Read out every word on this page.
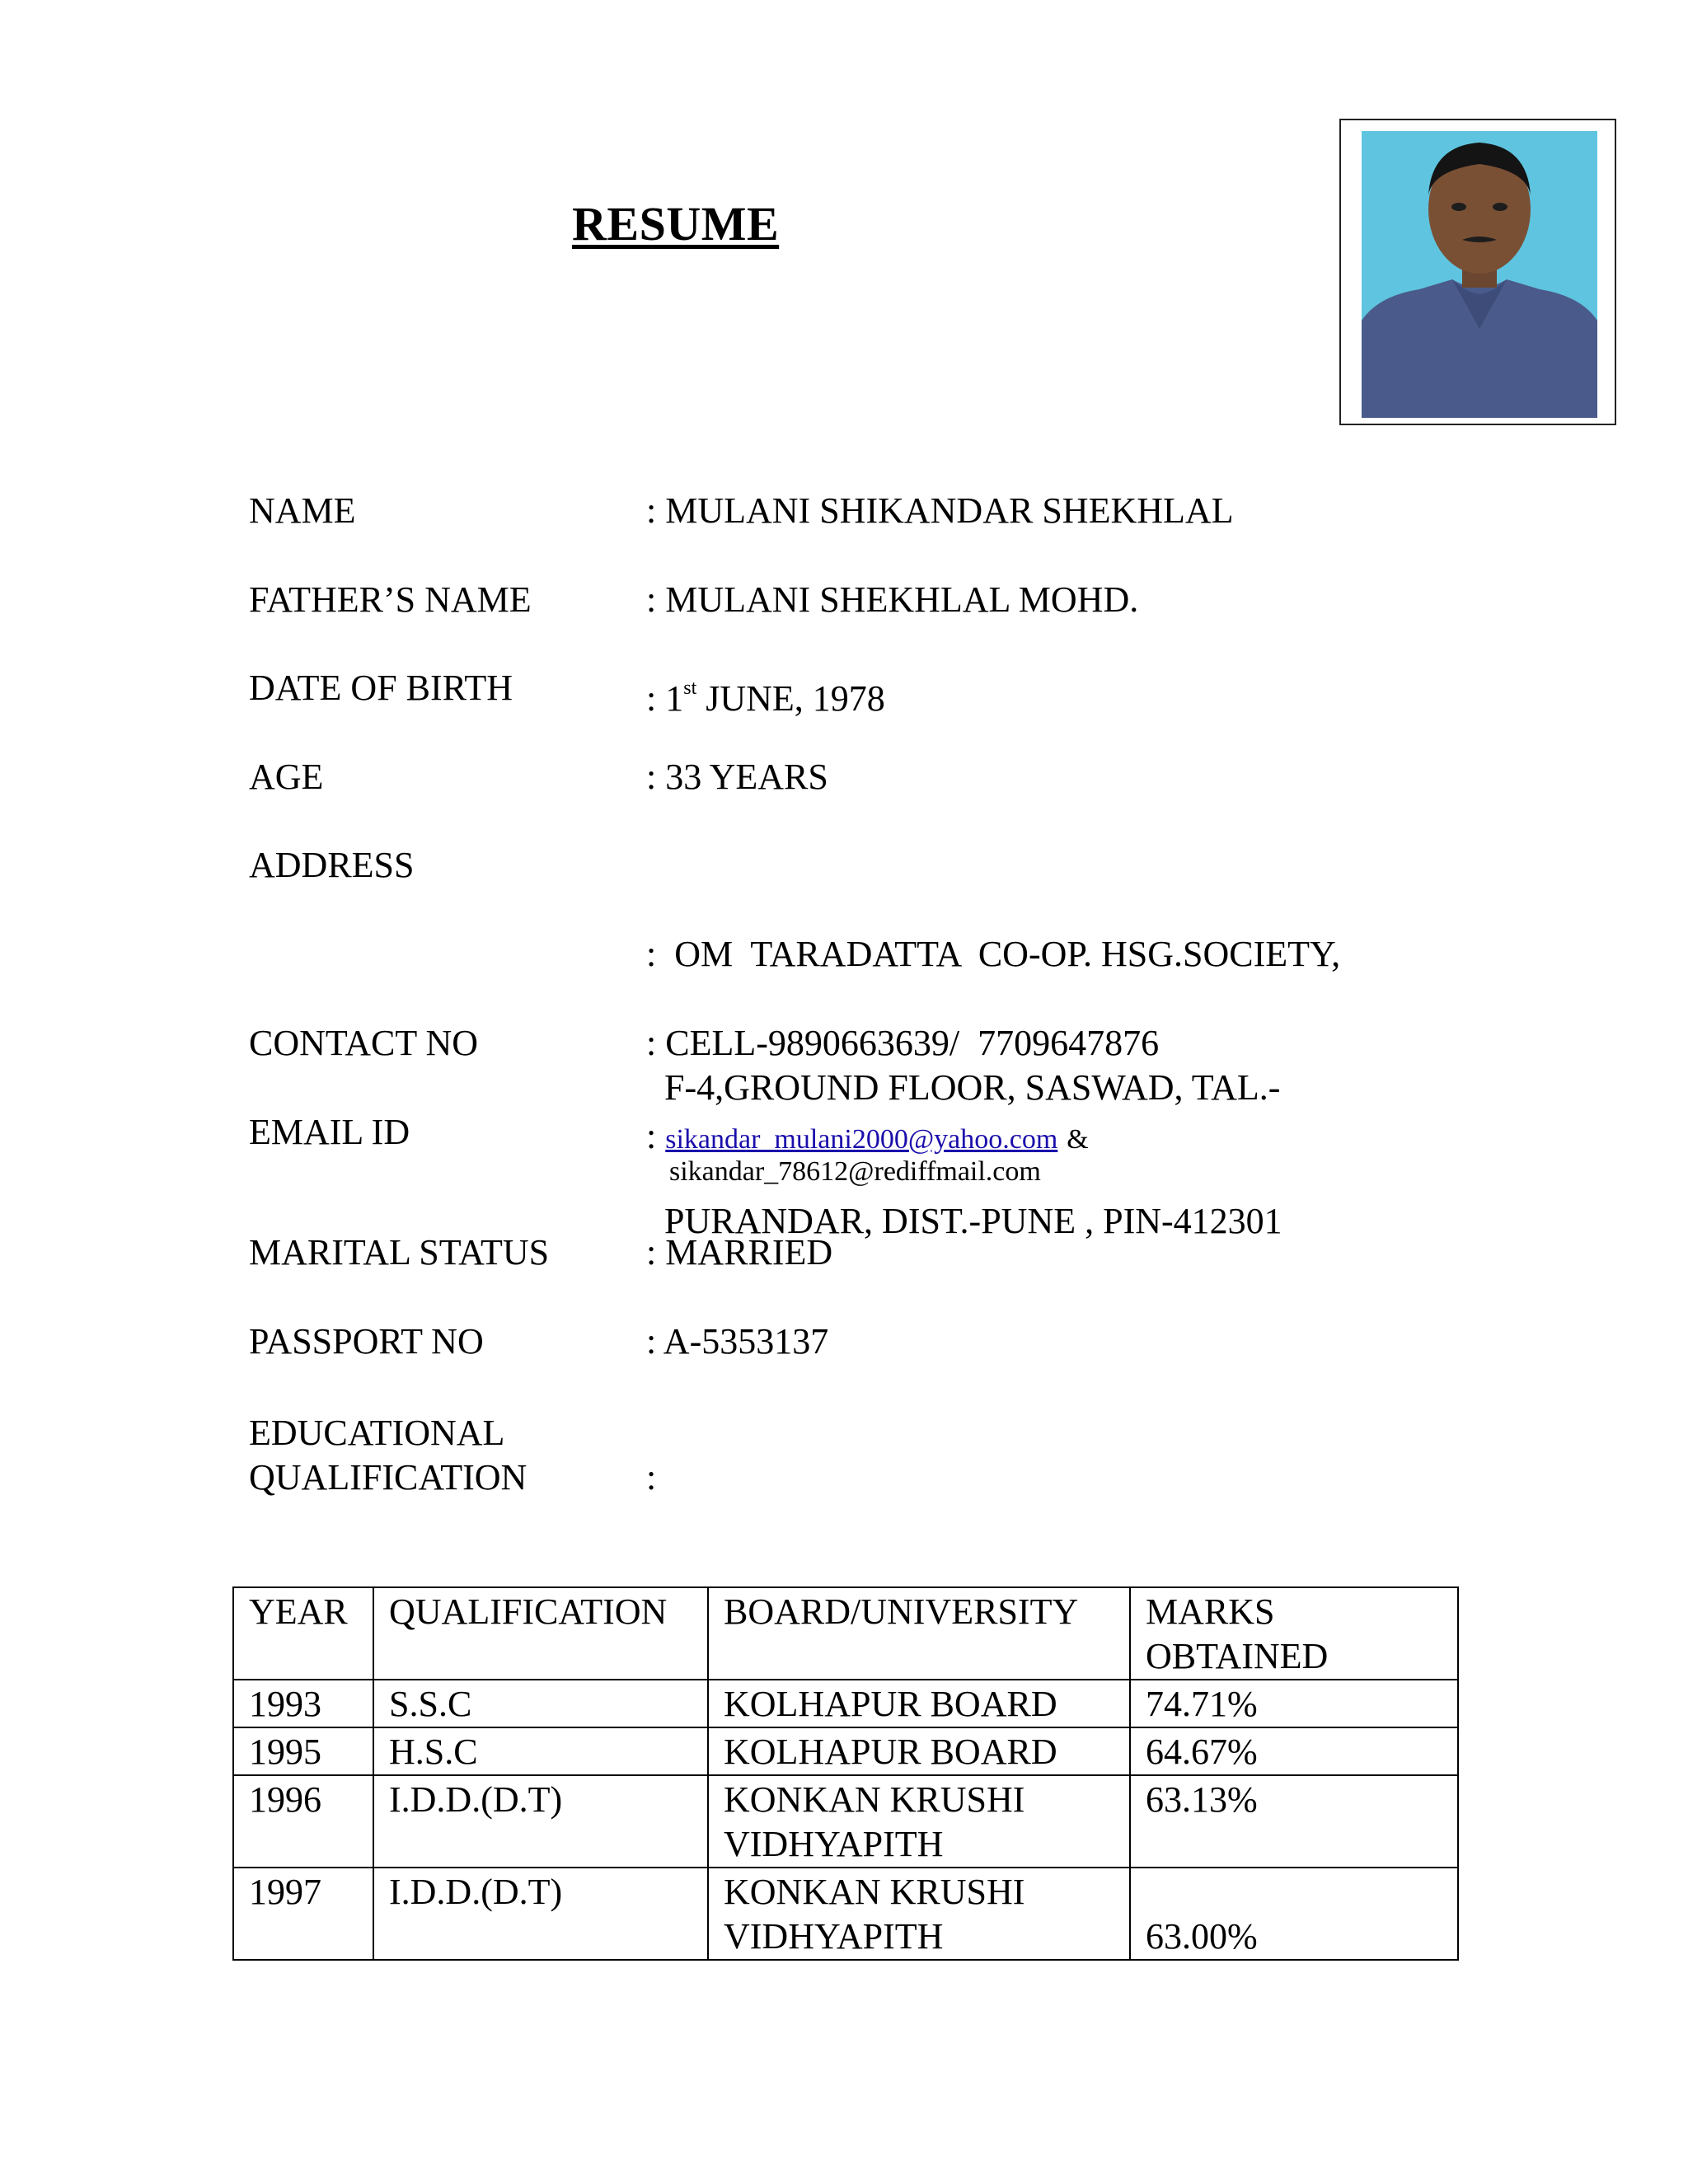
RESUME
NAME	: MULANI SHIKANDAR SHEKHLAL
FATHER’S NAME	: MULANI SHEKHLAL MOHD.
DATE OF BIRTH	: 1st JUNE, 1978
AGE	: 33 YEARS
ADDRESS

:  OM  TARADATTA  CO-OP. HSG.SOCIETY,

F-4,GROUND FLOOR, SASWAD, TAL.-

PURANDAR, DIST.-PUNE , PIN-412301

CONTACT NO	: CELL-9890663639/  7709647876
EMAIL ID	: sikandar_mulani2000@yahoo.com &
sikandar_78612@rediffmail.com
MARITAL STATUS	: MARRIED
PASSPORT NO	: A-5353137
EDUCATIONAL
QUALIFICATION	:
YEAR	QUALIFICATION	BOARD/UNIVERSITY	MARKS
OBTAINED

1993	S.S.C	KOLHAPUR BOARD	74.71%
1995	H.S.C	KOLHAPUR BOARD	64.67%
1996	I.D.D.(D.T)	KONKAN KRUSHI
VIDHYAPITH	63.13%
1997	I.D.D.(D.T)	KONKAN KRUSHI
VIDHYAPITH	63.00%
